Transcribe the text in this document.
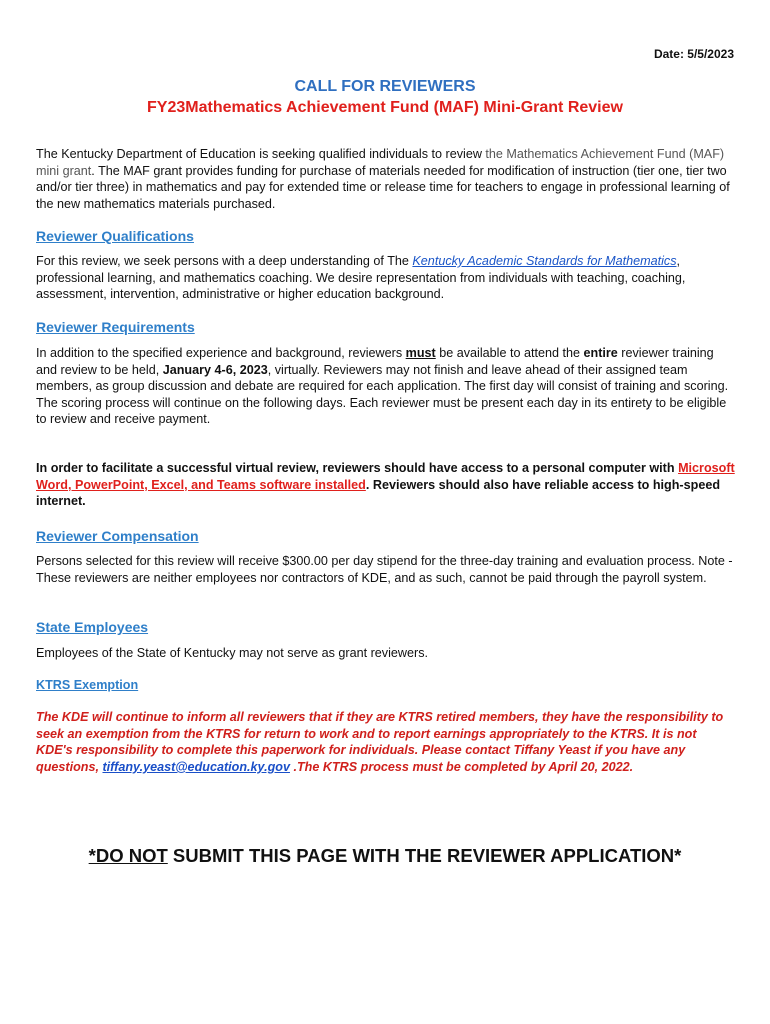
Date: 5/5/2023
CALL FOR REVIEWERS
FY23Mathematics Achievement Fund (MAF) Mini-Grant Review
The Kentucky Department of Education is seeking qualified individuals to review the Mathematics Achievement Fund (MAF) mini grant. The MAF grant provides funding for purchase of materials needed for modification of instruction (tier one, tier two and/or tier three) in mathematics and pay for extended time or release time for teachers to engage in professional learning of the new mathematics materials purchased.
Reviewer Qualifications
For this review, we seek persons with a deep understanding of The Kentucky Academic Standards for Mathematics, professional learning, and mathematics coaching. We desire representation from individuals with teaching, coaching, assessment, intervention, administrative or higher education background.
Reviewer Requirements
In addition to the specified experience and background, reviewers must be available to attend the entire reviewer training and review to be held, January 4-6, 2023, virtually. Reviewers may not finish and leave ahead of their assigned team members, as group discussion and debate are required for each application. The first day will consist of training and scoring. The scoring process will continue on the following days. Each reviewer must be present each day in its entirety to be eligible to review and receive payment.
In order to facilitate a successful virtual review, reviewers should have access to a personal computer with Microsoft Word, PowerPoint, Excel, and Teams software installed. Reviewers should also have reliable access to high-speed internet.
Reviewer Compensation
Persons selected for this review will receive $300.00 per day stipend for the three-day training and evaluation process. Note - These reviewers are neither employees nor contractors of KDE, and as such, cannot be paid through the payroll system.
State Employees
Employees of the State of Kentucky may not serve as grant reviewers.
KTRS Exemption
The KDE will continue to inform all reviewers that if they are KTRS retired members, they have the responsibility to seek an exemption from the KTRS for return to work and to report earnings appropriately to the KTRS. It is not KDE's responsibility to complete this paperwork for individuals. Please contact Tiffany Yeast if you have any questions, tiffany.yeast@education.ky.gov .The KTRS process must be completed by April 20, 2022.
*DO NOT SUBMIT THIS PAGE WITH THE REVIEWER APPLICATION*
